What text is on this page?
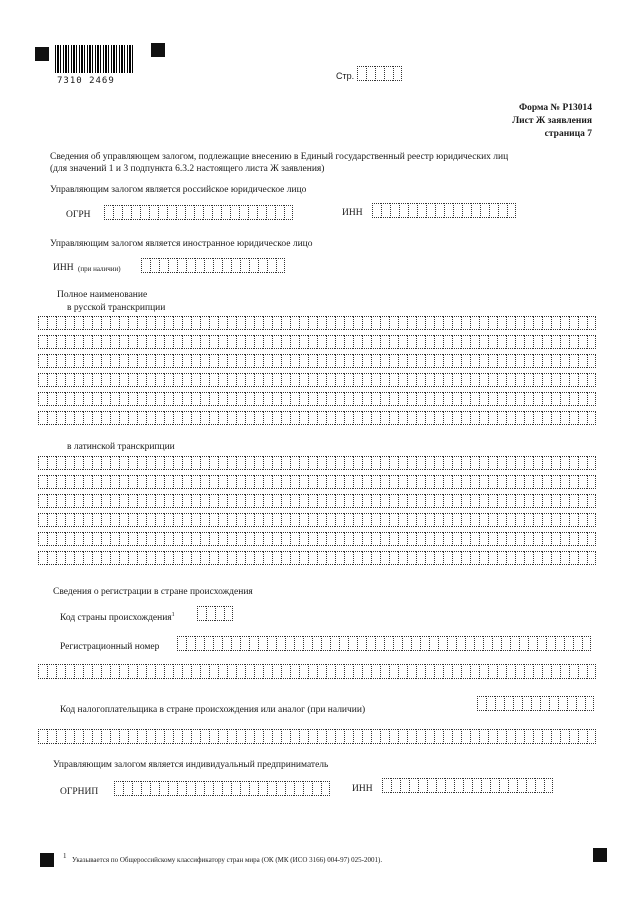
7310 2469	Стр.
Форма № Р13014
Лист Ж заявления
страница 7
Сведения об управляющем залогом, подлежащие внесению в Единый государственный реестр юридических лиц
(для значений 1 и 3 подпункта 6.3.2 настоящего листа Ж заявления)
Управляющим залогом является российское юридическое лицо
ОГРН	ИНН
Управляющим залогом является иностранное юридическое лицо
ИНН (при наличии)
Полное наименование
в русской транскрипции
в латинской транскрипции
Сведения о регистрации в стране происхождения
Код страны происхождения$^1$
Регистрационный номер
Код налогоплательщика в стране происхождения или аналог (при наличии)
Управляющим залогом является индивидуальный предприниматель
ОГРНИП	ИНН
1 Указывается по Общероссийскому классификатору стран мира (ОК (МК (ИСО 3166) 004-97) 025-2001).
